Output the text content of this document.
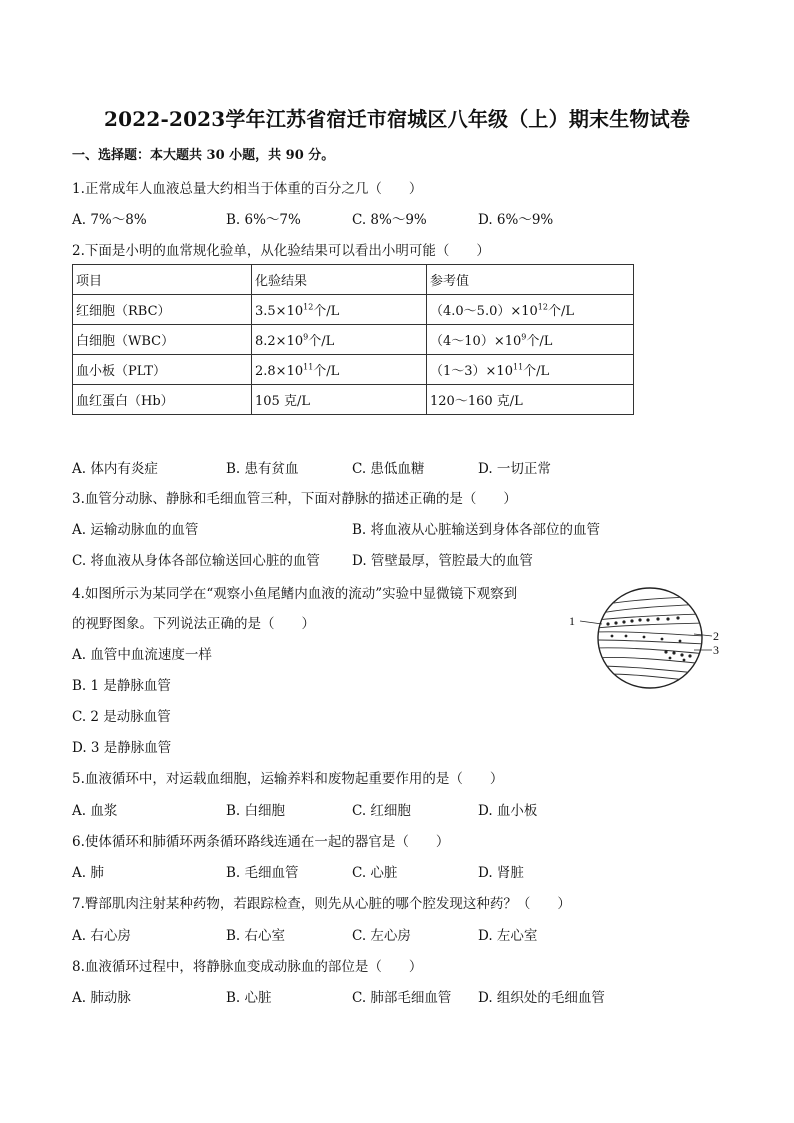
2022-2023学年江苏省宿迁市宿城区八年级（上）期末生物试卷
一、选择题：本大题共 30 小题，共 90 分。
1.正常成年人血液总量大约相当于体重的百分之几（　　）
A. 7%～8%	B. 6%～7%	C. 8%～9%	D. 6%～9%
2.下面是小明的血常规化验单，从化验结果可以看出小明可能（　　）
项目	化验结果	参考值
红细胞（RBC）	$3.5\times 10^{12}$个/L	$(4.0\sim 5.0)\times 10^{12}$个/L
白细胞（WBC）	$8.2\times 10^9$个/L	$(4\sim 10)\times 10^9$个/L
血小板（PLT）	$2.8\times 10^{11}$个/L	$(1\sim 3)\times 10^{11}$个/L
血红蛋白（Hb）	105 克/L	120～160 克/L
A. 体内有炎症	B. 患有贫血	C. 患低血糖	D. 一切正常
3.血管分动脉、静脉和毛细血管三种，下面对静脉的描述正确的是（　　）
A. 运输动脉血的血管	B. 将血液从心脏输送到身体各部位的血管
C. 将血液从身体各部位输送回心脏的血管 D. 管壁最厚，管腔最大的血管
4.如图所示为某同学在“观察小鱼尾鳍内血液的流动”实验中显微镜下观察到
的视野图象。下列说法正确的是（　　）
A. 血管中血流速度一样
B. 1 是静脉血管
C. 2 是动脉血管
D. 3 是静脉血管
1
2
3
5.血液循环中，对运载血细胞，运输养料和废物起重要作用的是（　　）
A. 血浆	B. 白细胞	C. 红细胞	D. 血小板
6.使体循环和肺循环两条循环路线连通在一起的器官是（　　）
A. 肺	B. 毛细血管	C. 心脏	D. 肾脏
7.臀部肌肉注射某种药物，若跟踪检查，则先从心脏的哪个腔发现这种药？（　　）
A. 右心房	B. 右心室	C. 左心房	D. 左心室
8.血液循环过程中，将静脉血变成动脉血的部位是（　　）
A. 肺动脉	B. 心脏	C. 肺部毛细血管 D. 组织处的毛细血管
